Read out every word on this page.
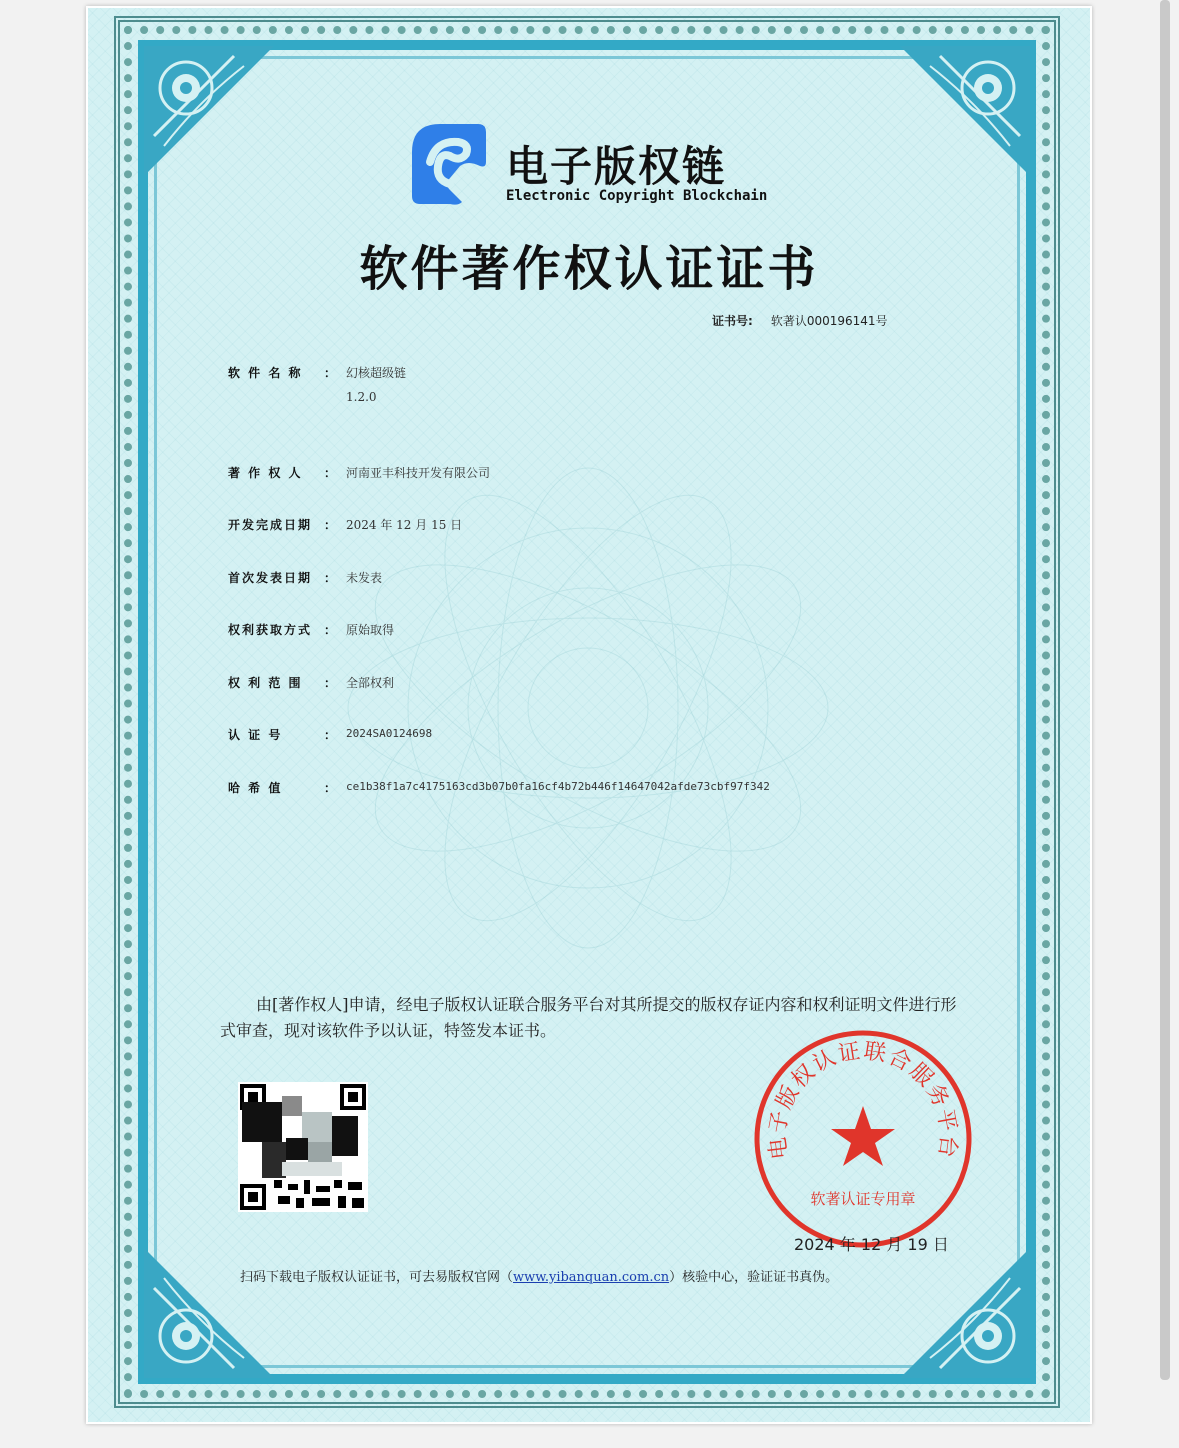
电子版权链
Electronic Copyright Blockchain
软件著作权认证证书
证书号: 软著认000196141号
软 件 名 称	： 幻核超级链
1.2.0
著 作 权 人	： 河南亚丰科技开发有限公司
开发完成日期 ： 2024 年 12 月 15 日
首次发表日期 ： 未发表
权利获取方式 ： 原始取得
权 利 范 围	： 全部权利
认 证 号	： 2024SA0124698
哈 希 值	： ce1b38f1a7c4175163cd3b07b0fa16cf4b72b446f14647042afde73cbf97f342
由[著作权人]申请，经电子版权认证联合服务平台对其所提交的版权存证内容和权利证明文件进行形式审查，现对该软件予以认证，特签发本证书。
电子版权认证联合服务平台
软著认证专用章
2024 年 12 月 19 日
扫码下载电子版权认证证书，可去易版权官网（www.yibanquan.com.cn）核验中心，验证证书真伪。
